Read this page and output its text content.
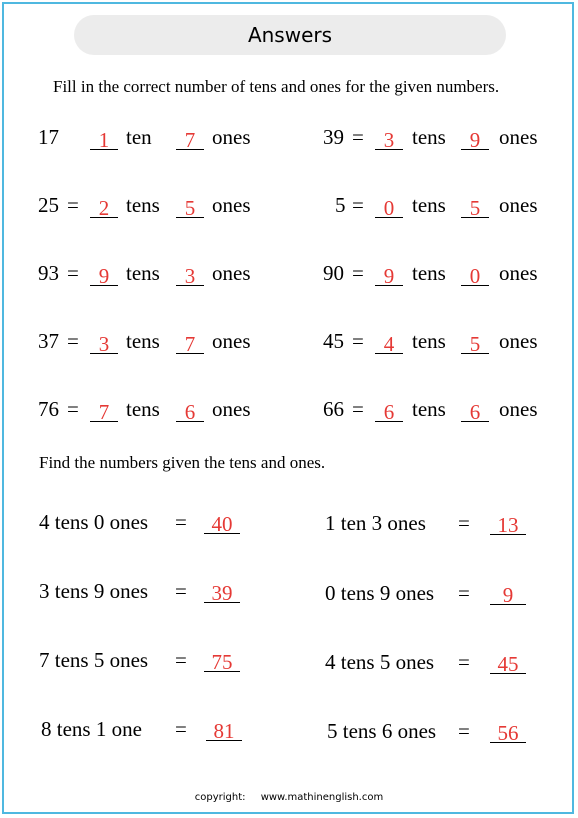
Answers
Fill in the correct number of tens and ones for the given numbers.
17	1 ten	7 ones	39 = 3 tens	9 ones
25 = 2 tens	5 ones	5 = 0 tens	5 ones
93 = 9 tens	3 ones	90 = 9 tens	0 ones
37 = 3 tens	7 ones	45 = 4 tens	5 ones
76 = 7 tens	6 ones	66 = 6 tens	6 ones
Find the numbers given the tens and ones.
4 tens 0 ones =	40	1 ten 3 ones =	13
3 tens 9 ones =	39	0 tens 9 ones =	9
7 tens 5 ones =	75	4 tens 5 ones =	45
8 tens 1 one =	81	5 tens 6 ones =	56
copyright: www.mathinenglish.com
